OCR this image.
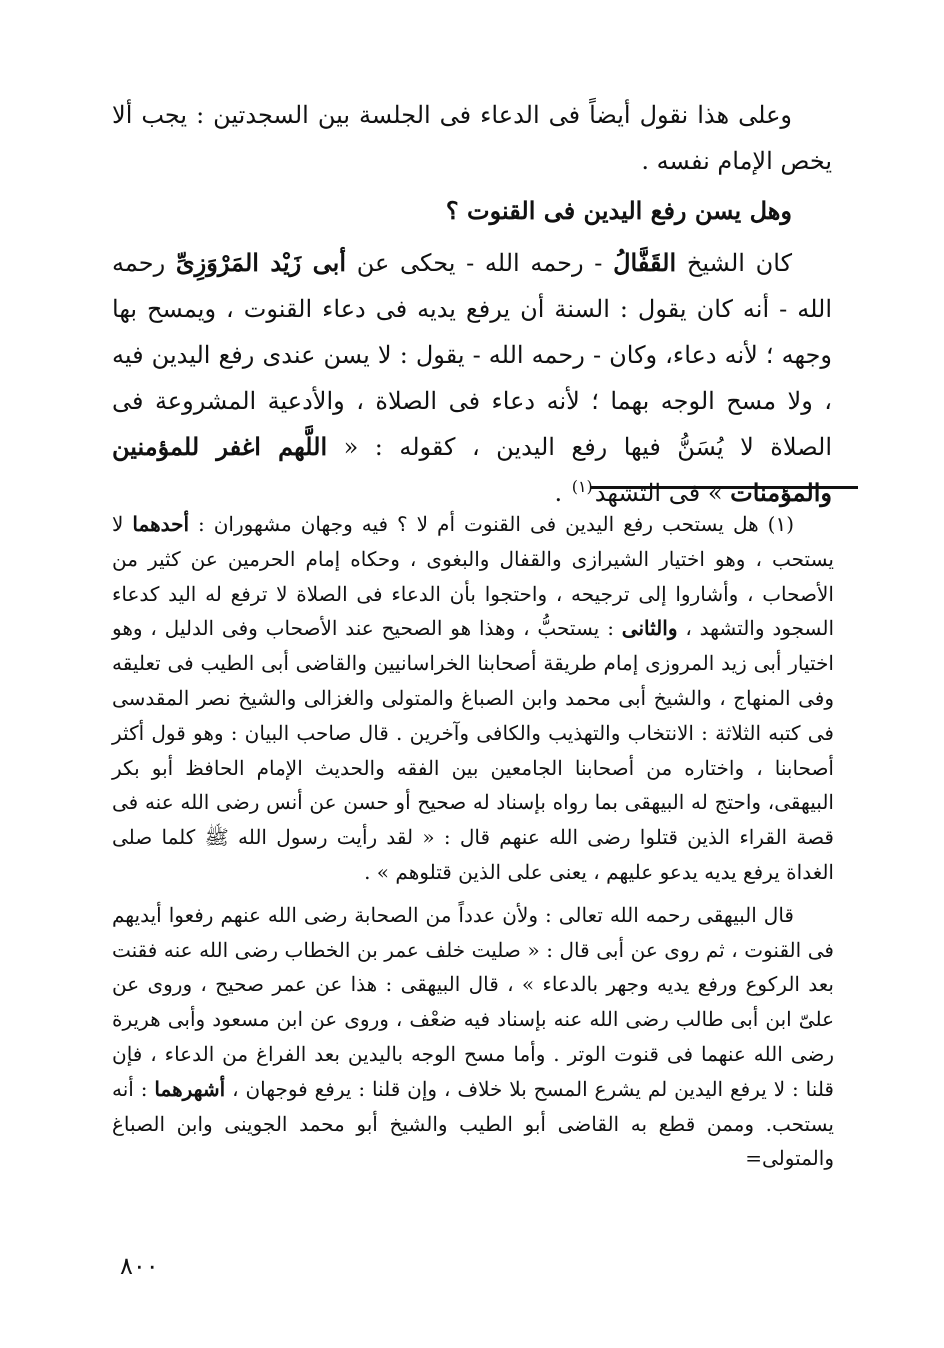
وعلى هذا نقول أيضاً فى الدعاء فى الجلسة بين السجدتين : يجب ألا يخص الإمام نفسه .

وهل يسن رفع اليدين فى القنوت ؟

كان الشيخ القَفَّالُ - رحمه الله - يحكى عن أبى زَيْد المَرْوَزِىِّ رحمه الله - أنه كان يقول : السنة أن يرفع يديه فى دعاء القنوت ، ويمسح بها وجهه ؛ لأنه دعاء، وكان - رحمه الله - يقول : لا يسن عندى رفع اليدين فيه ، ولا مسح الوجه بهما ؛ لأنه دعاء فى الصلاة ، والأدعية المشروعة فى الصلاة لا يُسَنُّ فيها رفع اليدين ، كقوله : « اللَّهم اغفر للمؤمنين والمؤمنات » فى التشهد$^{(١)}$ .

(١) هل يستحب رفع اليدين فى القنوت أم لا ؟ فيه وجهان مشهوران : أحدهما لا يستحب ، وهو اختيار الشيرازى والقفال والبغوى ، وحكاه إمام الحرمين عن كثير من الأصحاب ، وأشاروا إلى ترجيحه ، واحتجوا بأن الدعاء فى الصلاة لا ترفع له اليد كدعاء السجود والتشهد ، والثانى : يستحبُّ ، وهذا هو الصحيح عند الأصحاب وفى الدليل ، وهو اختيار أبى زيد المروزى إمام طريقة أصحابنا الخراسانيين والقاضى أبى الطيب فى تعليقه وفى المنهاج ، والشيخ أبى محمد وابن الصباغ والمتولى والغزالى والشيخ نصر المقدسى فى كتبه الثلاثة : الانتخاب والتهذيب والكافى وآخرين . قال صاحب البيان : وهو قول أكثر أصحابنا ، واختاره من أصحابنا الجامعين بين الفقه والحديث الإمام الحافظ أبو بكر البيهقى، واحتج له البيهقى بما رواه بإسناد له صحيح أو حسن عن أنس رضى الله عنه فى قصة القراء الذين قتلوا رضى الله عنهم قال : « لقد رأيت رسول الله ﷺ كلما صلى الغداة يرفع يديه يدعو عليهم ، يعنى على الذين قتلوهم » .

قال البيهقى رحمه الله تعالى : ولأن عدداً من الصحابة رضى الله عنهم رفعوا أيديهم فى القنوت ، ثم روى عن أبى قال : « صليت خلف عمر بن الخطاب رضى الله عنه فقنت بعد الركوع ورفع يديه وجهر بالدعاء » ، قال البيهقى : هذا عن عمر صحيح ، وروى عن علىّ ابن أبى طالب رضى الله عنه بإسناد فيه ضعْف ، وروى عن ابن مسعود وأبى هريرة رضى الله عنهما فى قنوت الوتر . وأما مسح الوجه باليدين بعد الفراغ من الدعاء ، فإن قلنا : لا يرفع اليدين لم يشرع المسح بلا خلاف ، وإن قلنا : يرفع فوجهان ، أشهرهما : أنه يستحب. وممن قطع به القاضى أبو الطيب والشيخ أبو محمد الجوينى وابن الصباغ والمتولى=

٨٠٠
